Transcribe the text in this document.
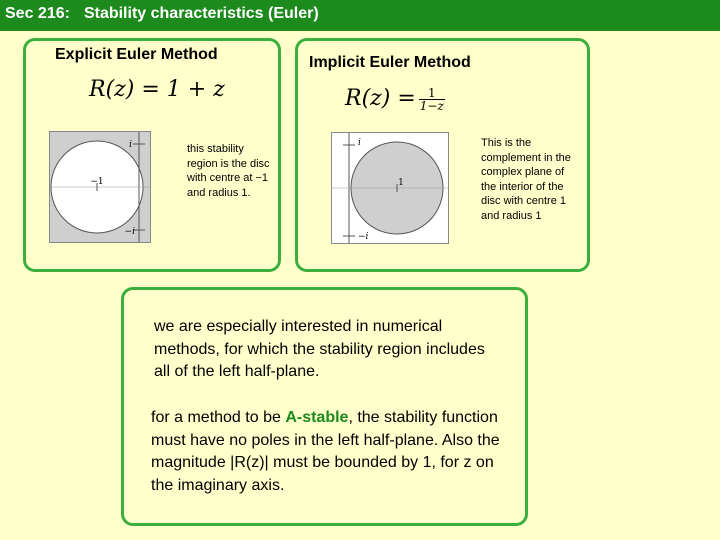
Sec 216: Stability characteristics (Euler)
Explicit Euler Method
R(z) = 1 + z
i
−i
−1
this stability region is the disc with centre at −1 and radius 1.
Implicit Euler Method
$R(z) = \frac{1}{1-z}$
i
−i
1
This is the complement in the complex plane of the interior of the disc with centre 1 and radius 1
we are especially interested in numerical methods, for which the stability region includes all of the left half-plane.
for a method to be A-stable, the stability function must have no poles in the left half-plane. Also the magnitude |R(z)| must be bounded by 1, for z on the imaginary axis.
